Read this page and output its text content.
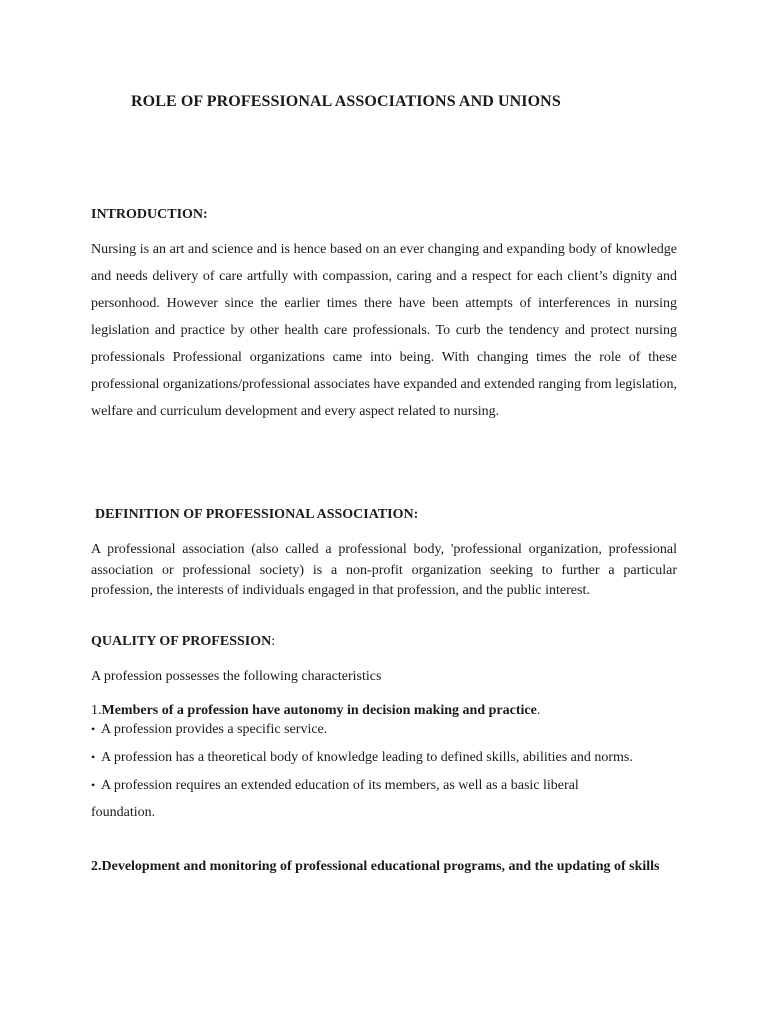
ROLE OF PROFESSIONAL ASSOCIATIONS AND UNIONS
INTRODUCTION:

Nursing is an art and science and is hence based on an ever changing and expanding body of knowledge and needs delivery of care artfully with compassion, caring and a respect for each client’s dignity and personhood. However since the earlier times there have been attempts of interferences in nursing legislation and practice by other health care professionals. To curb the tendency and protect nursing professionals Professional organizations came into being. With changing times the role of these professional organizations/professional associates have expanded and extended ranging from legislation, welfare and curriculum development and every aspect related to nursing.

DEFINITION OF PROFESSIONAL ASSOCIATION:

A professional association (also called a professional body, 'professional organization, professional association or professional society) is a non-profit organization seeking to further a particular profession, the interests of individuals engaged in that profession, and the public interest.

QUALITY OF PROFESSION:

A profession possesses the following characteristics

1.Members of a profession have autonomy in decision making and practice.

• A profession provides a specific service.

• A profession has a theoretical body of knowledge leading to defined skills, abilities and norms.

• A profession requires an extended education of its members, as well as a basic liberal

foundation.

2.Development and monitoring of professional educational programs, and the updating of skills
